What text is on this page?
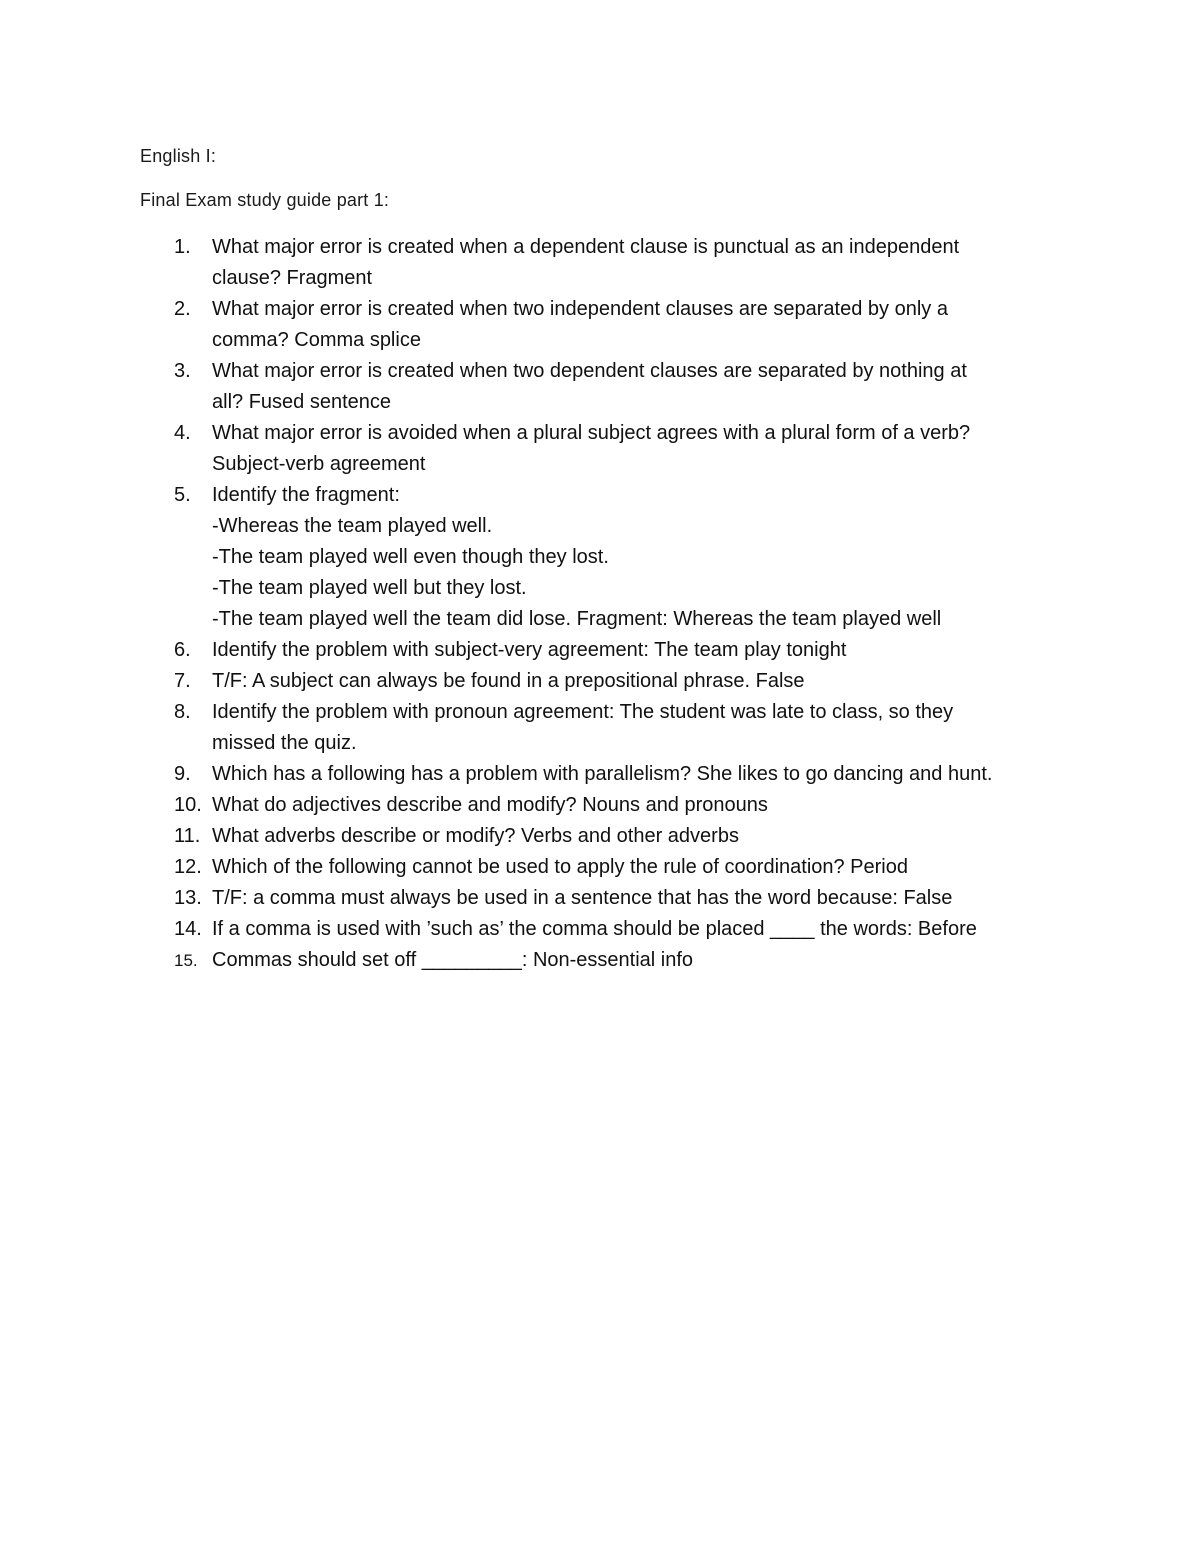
English I:
Final Exam study guide part 1:
1.	What major error is created when a dependent clause is punctual as an independent
clause? Fragment
2.	What major error is created when two independent clauses are separated by only a
comma? Comma splice
3.	What major error is created when two dependent clauses are separated by nothing at
all? Fused sentence
4.	What major error is avoided when a plural subject agrees with a plural form of a verb?
Subject-verb agreement
5.	Identify the fragment:
-Whereas the team played well.
-The team played well even though they lost.
-The team played well but they lost.
-The team played well the team did lose. Fragment: Whereas the team played well
6.	Identify the problem with subject-very agreement: The team play tonight
7.	T/F: A subject can always be found in a prepositional phrase. False
8.	Identify the problem with pronoun agreement: The student was late to class, so they
missed the quiz.
9.	Which has a following has a problem with parallelism? She likes to go dancing and hunt.
10. What do adjectives describe and modify? Nouns and pronouns
11. What adverbs describe or modify? Verbs and other adverbs
12. Which of the following cannot be used to apply the rule of coordination? Period
13. T/F: a comma must always be used in a sentence that has the word because: False
14. If a comma is used with ’such as’ the comma should be placed ____ the words: Before
15. Commas should set off _________: Non-essential info
